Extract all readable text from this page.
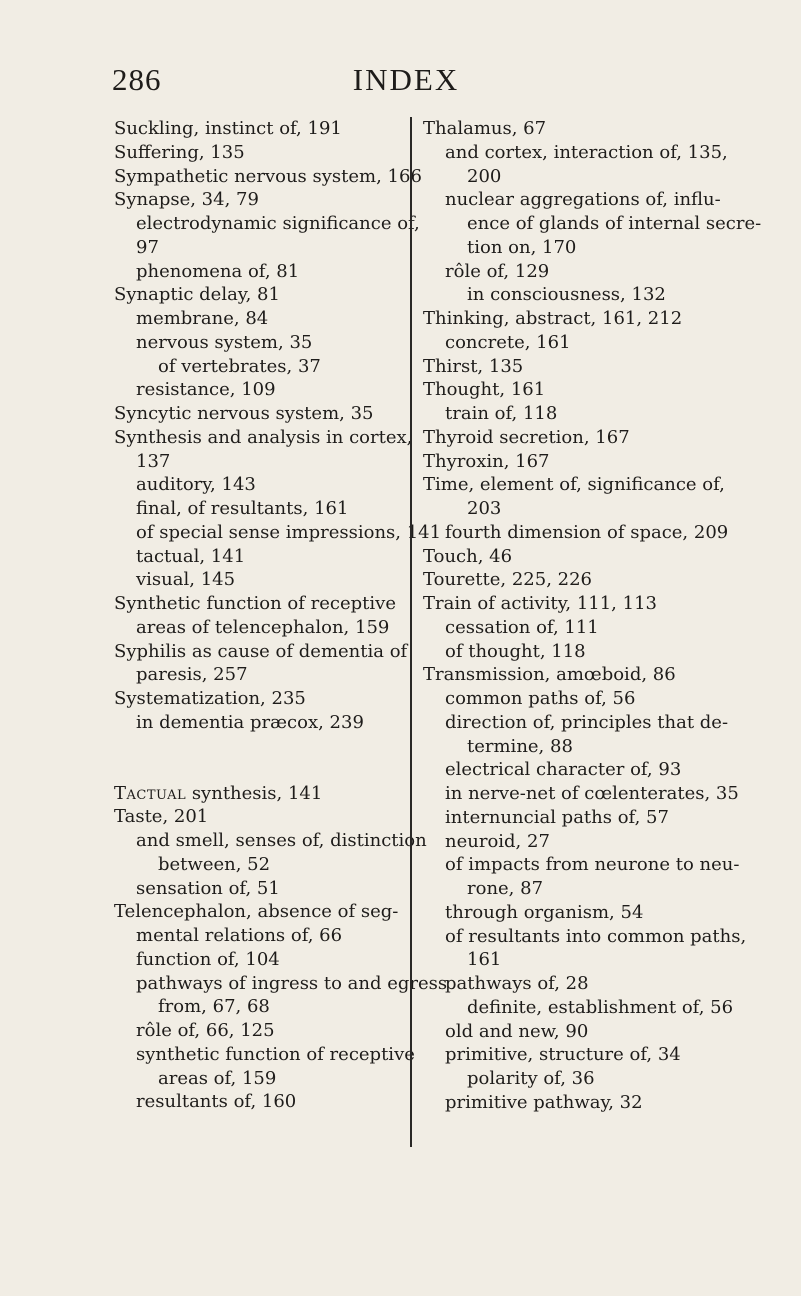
286	INDEX
Suckling, instinct of, 191
Suffering, 135
Sympathetic nervous system, 166
Synapse, 34, 79
electrodynamic significance of,
97
phenomena of, 81
Synaptic delay, 81
membrane, 84
nervous system, 35
of vertebrates, 37
resistance, 109
Syncytic nervous system, 35
Synthesis and analysis in cortex,
137
auditory, 143
final, of resultants, 161
of special sense impressions, 141
tactual, 141
visual, 145
Synthetic function of receptive
areas of telencephalon, 159
Syphilis as cause of dementia of
paresis, 257
Systematization, 235
in dementia præcox, 239
Tactual synthesis, 141
Taste, 201
and smell, senses of, distinction
between, 52
sensation of, 51
Telencephalon, absence of seg-
mental relations of, 66
function of, 104
pathways of ingress to and egress
from, 67, 68
rôle of, 66, 125
synthetic function of receptive
areas of, 159
resultants of, 160
Thalamus, 67
and cortex, interaction of, 135,
200
nuclear aggregations of, influ-
ence of glands of internal secre-
tion on, 170
rôle of, 129
in consciousness, 132
Thinking, abstract, 161, 212
concrete, 161
Thirst, 135
Thought, 161
train of, 118
Thyroid secretion, 167
Thyroxin, 167
Time, element of, significance of,
203
fourth dimension of space, 209
Touch, 46
Tourette, 225, 226
Train of activity, 111, 113
cessation of, 111
of thought, 118
Transmission, amœboid, 86
common paths of, 56
direction of, principles that de-
termine, 88
electrical character of, 93
in nerve-net of cœlenterates, 35
internuncial paths of, 57
neuroid, 27
of impacts from neurone to neu-
rone, 87
through organism, 54
of resultants into common paths,
161
pathways of, 28
definite, establishment of, 56
old and new, 90
primitive, structure of, 34
polarity of, 36
primitive pathway, 32
